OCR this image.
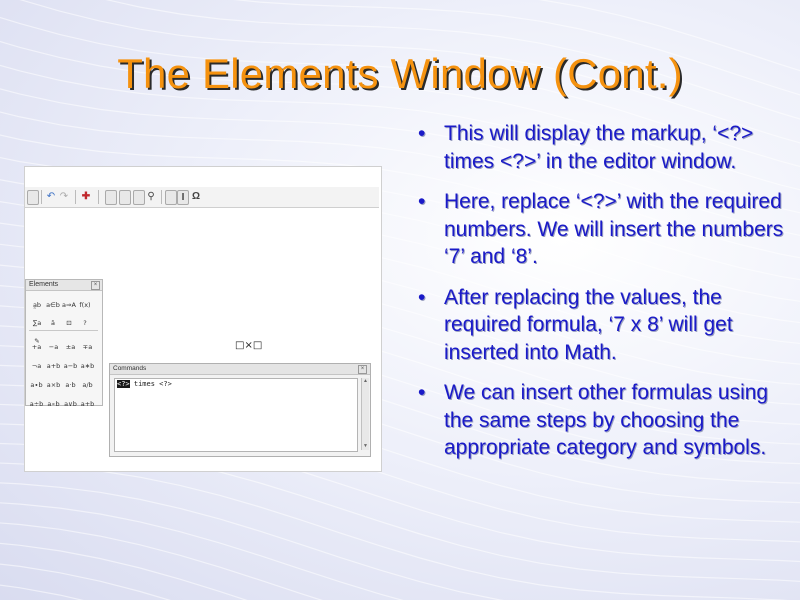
The Elements Window (Cont.)
• This will display the markup, ‘<?> times <?>’ in the editor window.
• Here, replace ‘<?>’ with the required numbers. We will insert the numbers ‘7’ and ‘8’.
• After replacing the values, the required formula, ‘7 x 8’ will get inserted into Math.
• We can insert other formulas using the same steps by choosing the appropriate category and symbols.
↶ ↷ ✚	⚲	I Ω
□×□
Elements	×
a̰b a∈b a⇒A f(x)∑a ā ⊡ ?✎
+a −a ±a ∓a¬a a+b a−b a∗ba∙b a×b a·b a/ba÷b a∘b a∨b a+b
Commands	×
<?> times <?>	▲
▼
